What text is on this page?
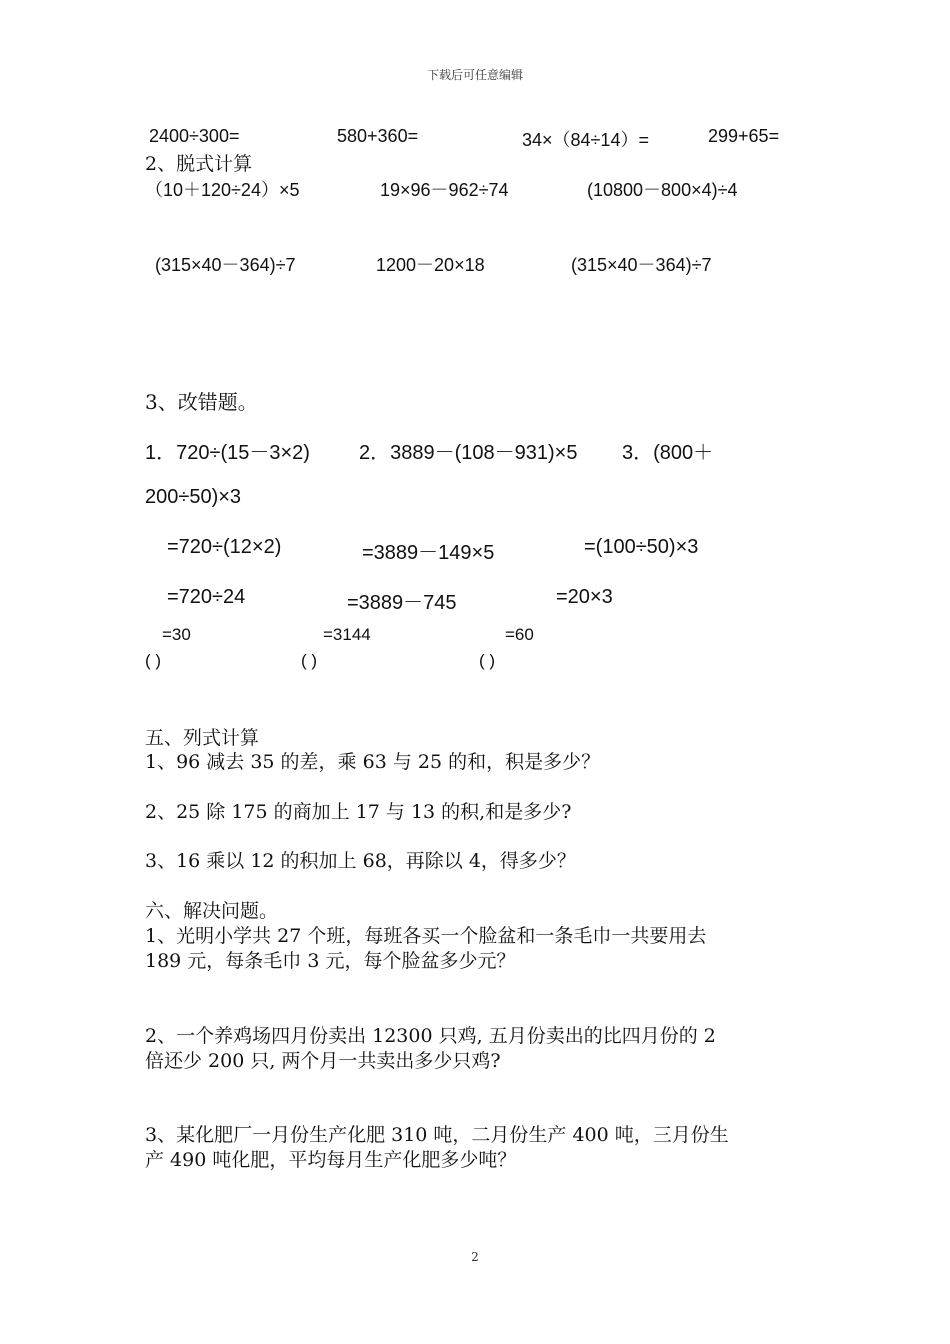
下载后可任意编辑
2400÷300=	580+360=	34×（84÷14）=	299+65=
2、脱式计算
（10＋120÷24）×5	19×96－962÷74	(10800－800×4)÷4
(315×40－364)÷7	1200－20×18	(315×40－364)÷7
3、改错题。
1．720÷(15－3×2) 2．3889－(108－931)×5 3．(800＋
200÷50)×3
=720÷(12×2)	=3889－149×5	=(100÷50)×3
=720÷24	=3889－745	=20×3
=30	=3144	=60
( )	( )	( )
五、列式计算
1、96 减去 35 的差，乘 63 与 25 的和，积是多少？
2、25 除 175 的商加上 17 与 13 的积,和是多少?
3、16 乘以 12 的积加上 68，再除以 4，得多少？
六、解决问题。
1、光明小学共 27 个班，每班各买一个脸盆和一条毛巾一共要用去
189 元，每条毛巾 3 元，每个脸盆多少元？
2、一个养鸡场四月份卖出 12300 只鸡, 五月份卖出的比四月份的 2
倍还少 200 只, 两个月一共卖出多少只鸡?
3、某化肥厂一月份生产化肥 310 吨，二月份生产 400 吨，三月份生
产 490 吨化肥，平均每月生产化肥多少吨？
2
